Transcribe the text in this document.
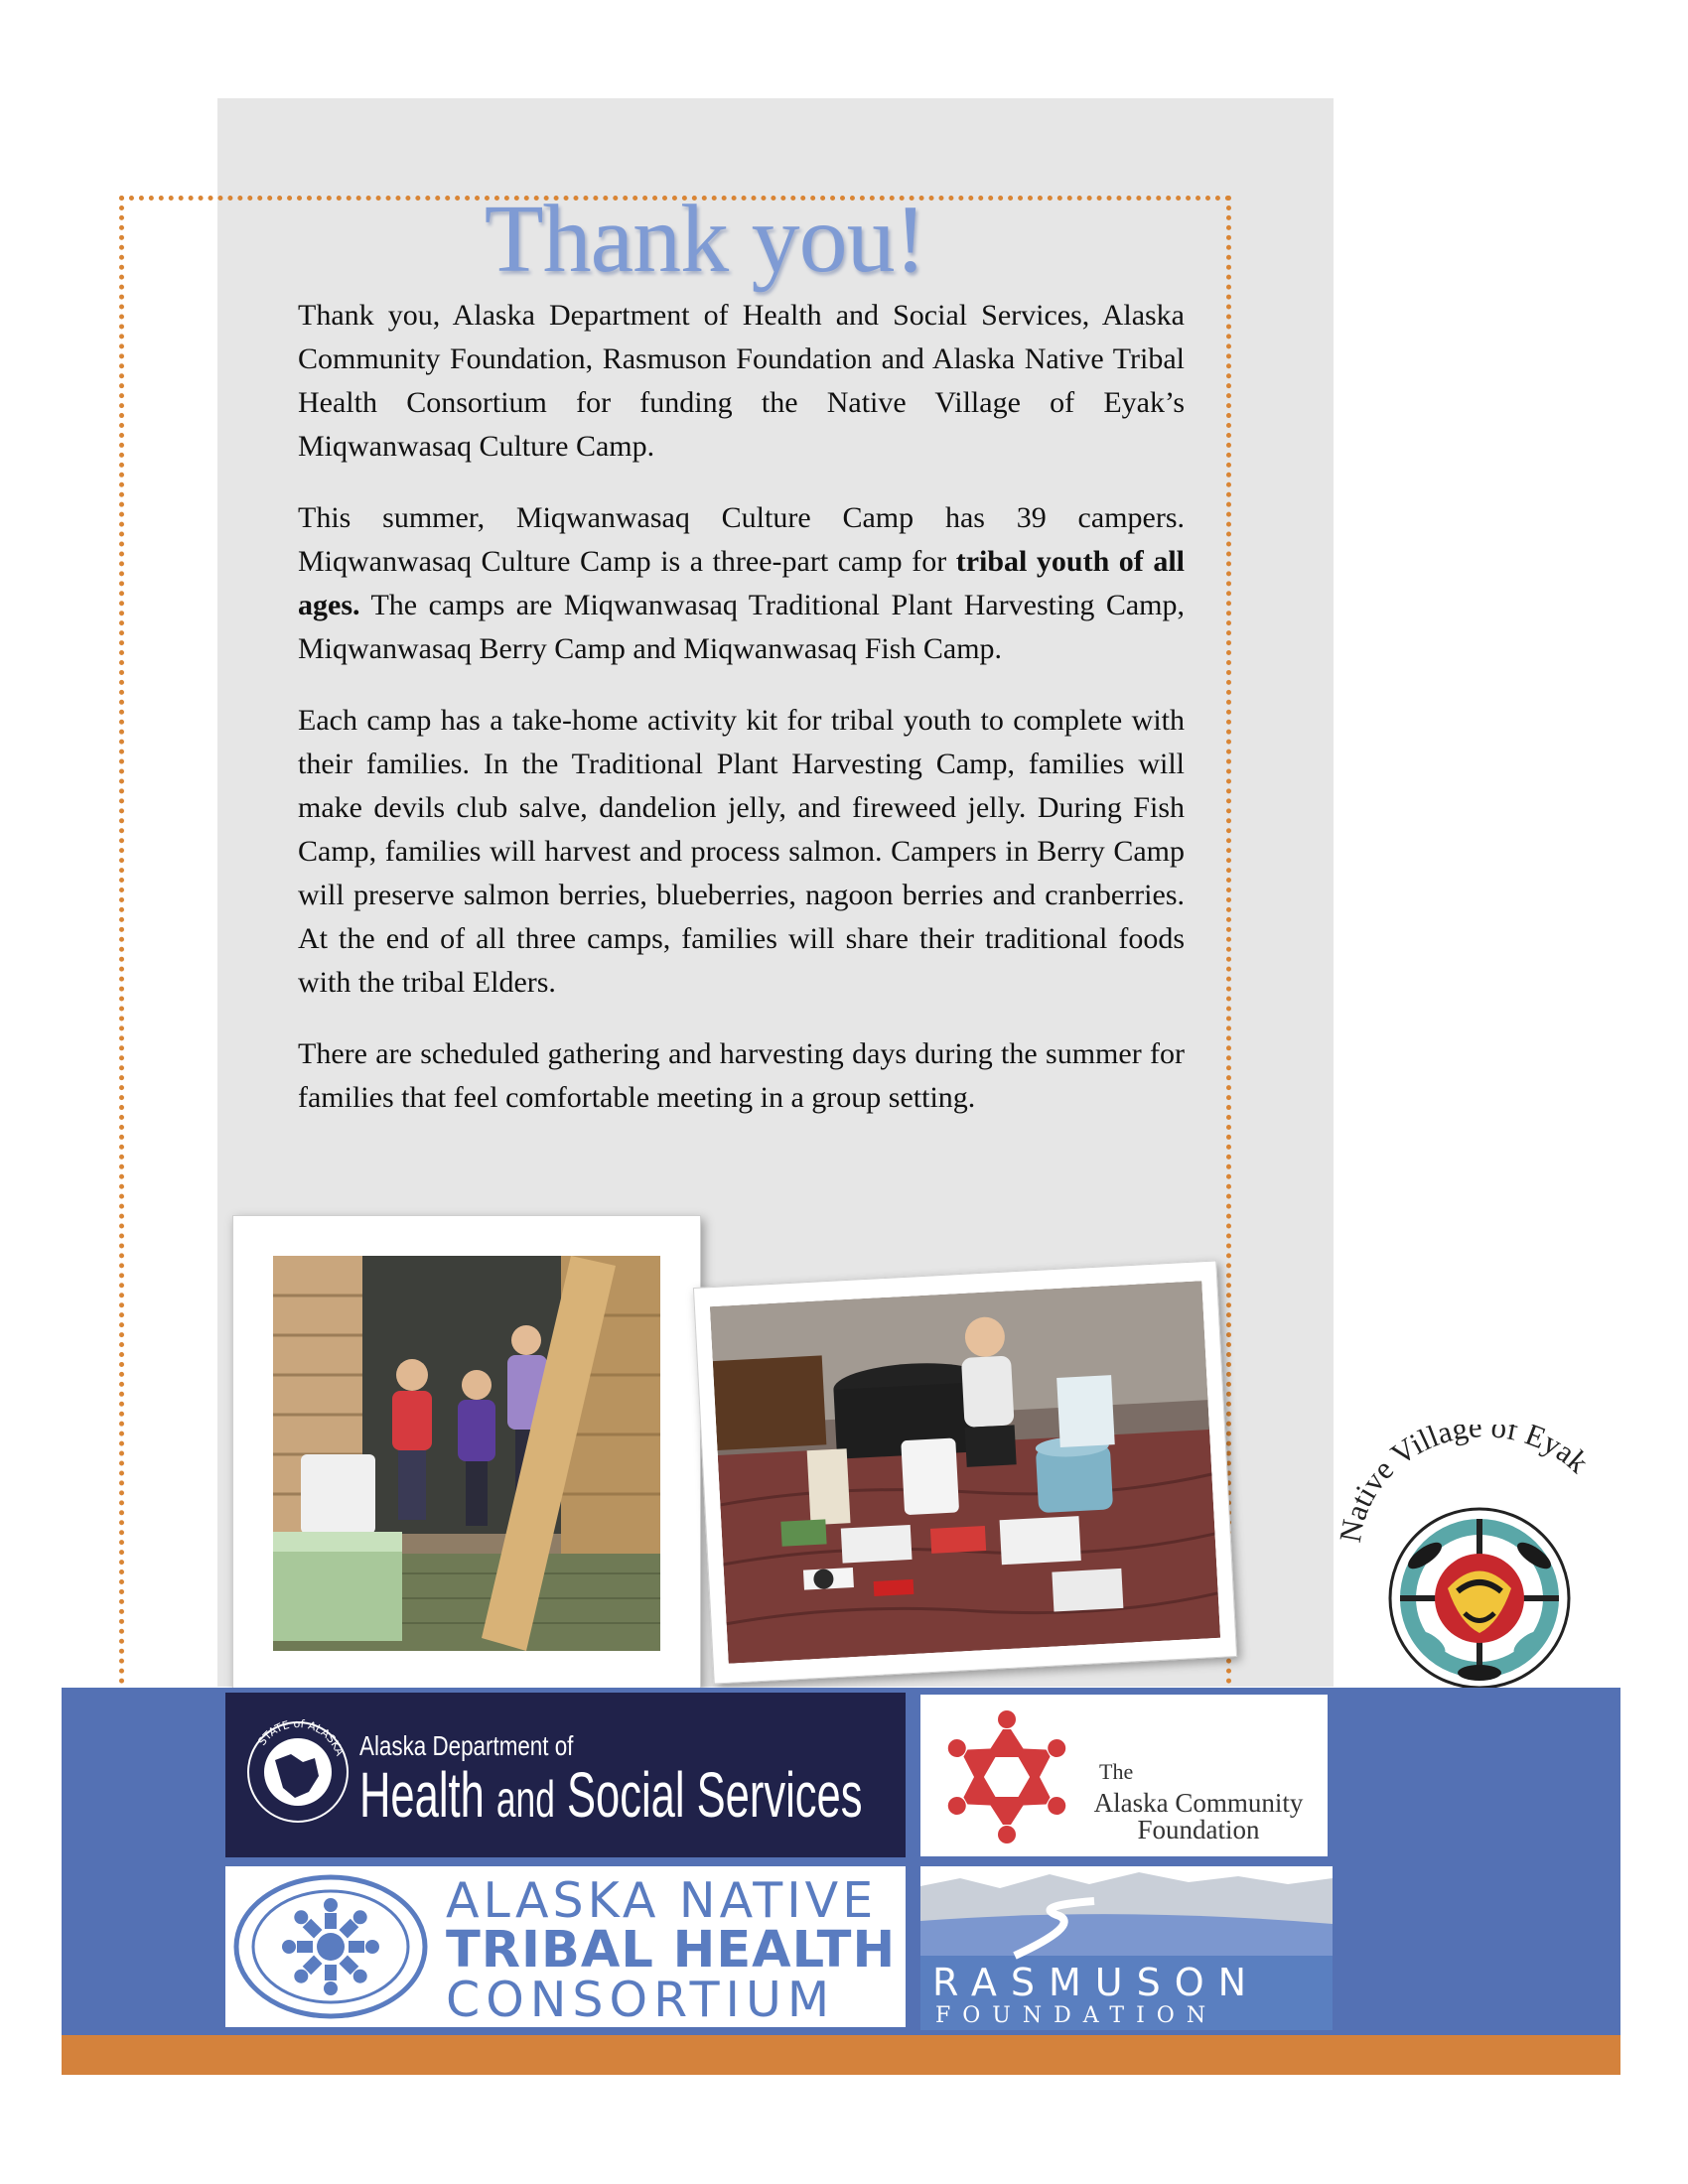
Thank you!

Thank you, Alaska Department of Health and Social Services, Alaska Community Foundation, Rasmuson Foundation and Alaska Native Tribal Health Consortium for funding the Native Village of Eyak’s Miqwanwasaq Culture Camp.

This summer, Miqwanwasaq Culture Camp has 39 campers. Miqwanwasaq Culture Camp is a three-part camp for tribal youth of all ages. The camps are Miqwanwasaq Traditional Plant Harvesting Camp, Miqwanwasaq Berry Camp and Miqwanwasaq Fish Camp.

Each camp has a take-home activity kit for tribal youth to complete with their families. In the Traditional Plant Harvesting Camp, families will make devils club salve, dandelion jelly, and fireweed jelly. During Fish Camp, families will harvest and process salmon. Campers in Berry Camp will preserve salmon berries, blueberries, nagoon berries and cranberries. At the end of all three camps, families will share their traditional foods with the tribal Elders.

There are scheduled gathering and harvesting days during the summer for families that feel comfortable meeting in a group setting.

Native Village of Eyak
STATE of ALASKA Alaska Department of
Health and Social Services	The
Alaska Community
Foundation
ALASKA NATIVE
TRIBAL HEALTH
CONSORTIUM	RASMUSON
FOUNDATION
